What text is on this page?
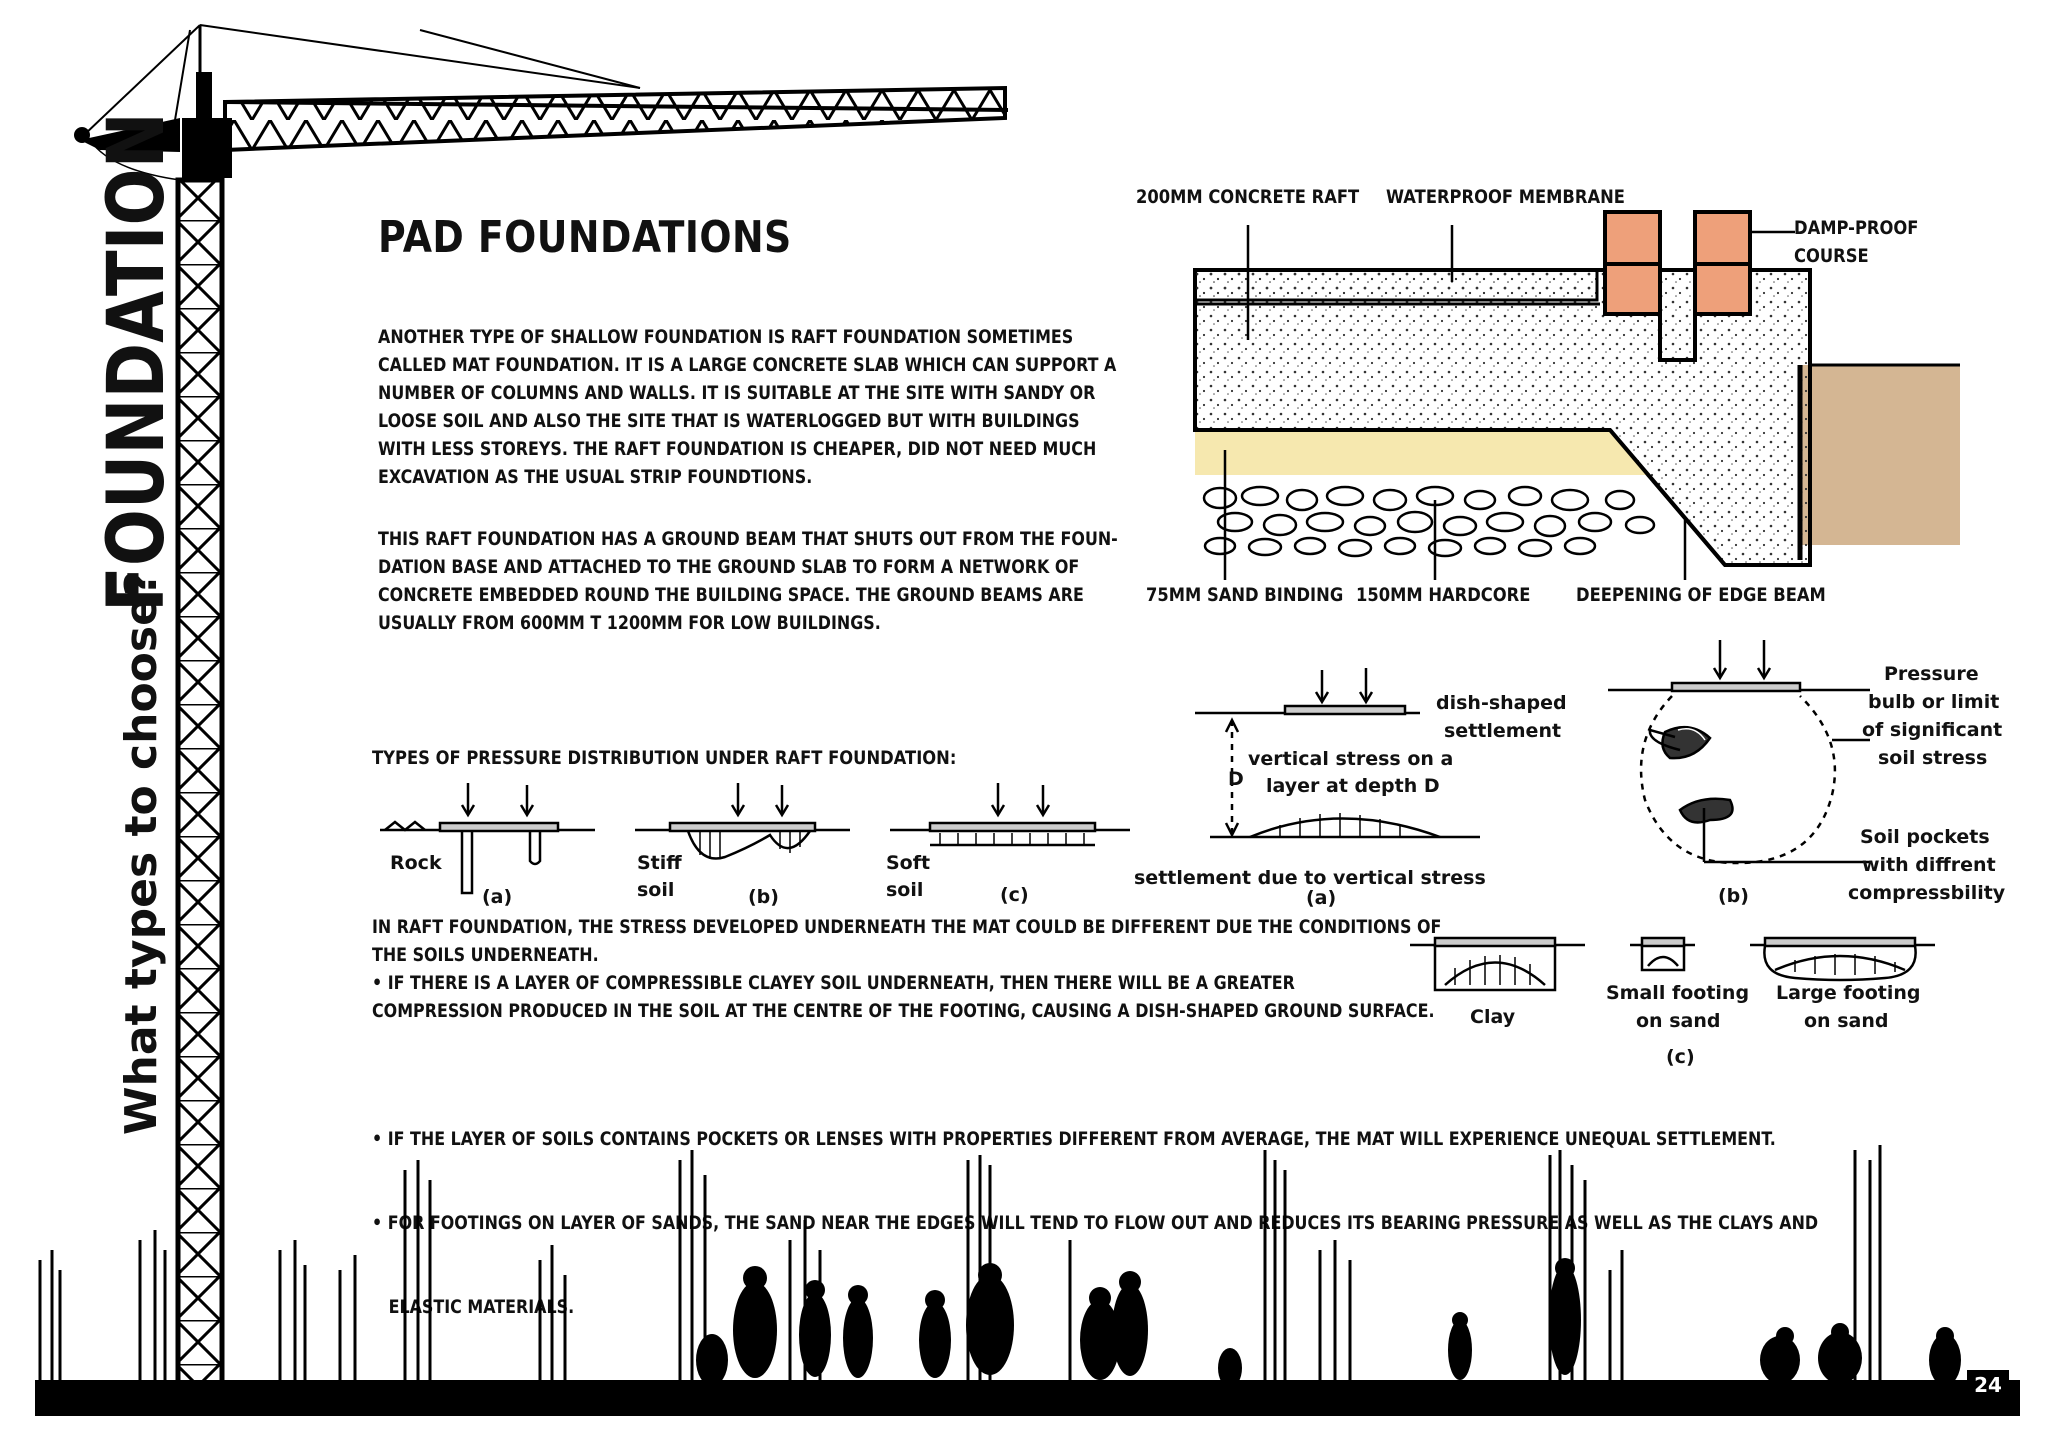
What types to choose?
FOUNDATION	PAD FOUNDATIONS
ANOTHER TYPE OF SHALLOW FOUNDATION IS RAFT FOUNDATION SOMETIMES
CALLED MAT FOUNDATION. IT IS A LARGE CONCRETE SLAB WHICH CAN SUPPORT A
NUMBER OF COLUMNS AND WALLS. IT IS SUITABLE AT THE SITE WITH SANDY OR
LOOSE SOIL AND ALSO THE SITE THAT IS WATERLOGGED BUT WITH BUILDINGS
WITH LESS STOREYS. THE RAFT FOUNDATION IS CHEAPER, DID NOT NEED MUCH
EXCAVATION AS THE USUAL STRIP FOUNDTIONS.
THIS RAFT FOUNDATION HAS A GROUND BEAM THAT SHUTS OUT FROM THE FOUN-
DATION BASE AND ATTACHED TO THE GROUND SLAB TO FORM A NETWORK OF
CONCRETE EMBEDDED ROUND THE BUILDING SPACE. THE GROUND BEAMS ARE
USUALLY FROM 600MM T 1200MM FOR LOW BUILDINGS.
200MM CONCRETE RAFT WATERPROOF MEMBRANE
DAMP-PROOF
COURSE
75MM SAND BINDING 150MM HARDCORE DEEPENING OF EDGE BEAM
TYPES OF PRESSURE DISTRIBUTION UNDER RAFT FOUNDATION:
Rock
(a)
Stiff
soil	(b)
Soft
soil	(c)
dish-shaped
settlement
vertical stress on a
layer at depth D
D
settlement due to vertical stress
(a)
Pressure
bulb or limit
of significant
soil stress
Soil pockets
with diffrent
compressbility
(b)
Clay
Small footing
on sand
Large footing
on sand
(c)
IN RAFT FOUNDATION, THE STRESS DEVELOPED UNDERNEATH THE MAT COULD BE DIFFERENT DUE THE CONDITIONS OF
THE SOILS UNDERNEATH.
• IF THERE IS A LAYER OF COMPRESSIBLE CLAYEY SOIL UNDERNEATH, THEN THERE WILL BE A GREATER
COMPRESSION PRODUCED IN THE SOIL AT THE CENTRE OF THE FOOTING, CAUSING A DISH-SHAPED GROUND SURFACE.

• IF THE LAYER OF SOILS CONTAINS POCKETS OR LENSES WITH PROPERTIES DIFFERENT FROM AVERAGE, THE MAT WILL EXPERIENCE UNEQUAL SETTLEMENT.

• FOR FOOTINGS ON LAYER OF SANDS, THE SAND NEAR THE EDGES WILL TEND TO FLOW OUT AND REDUCES ITS BEARING PRESSURE AS WELL AS THE CLAYS AND

ELASTIC MATERIALS.

24
